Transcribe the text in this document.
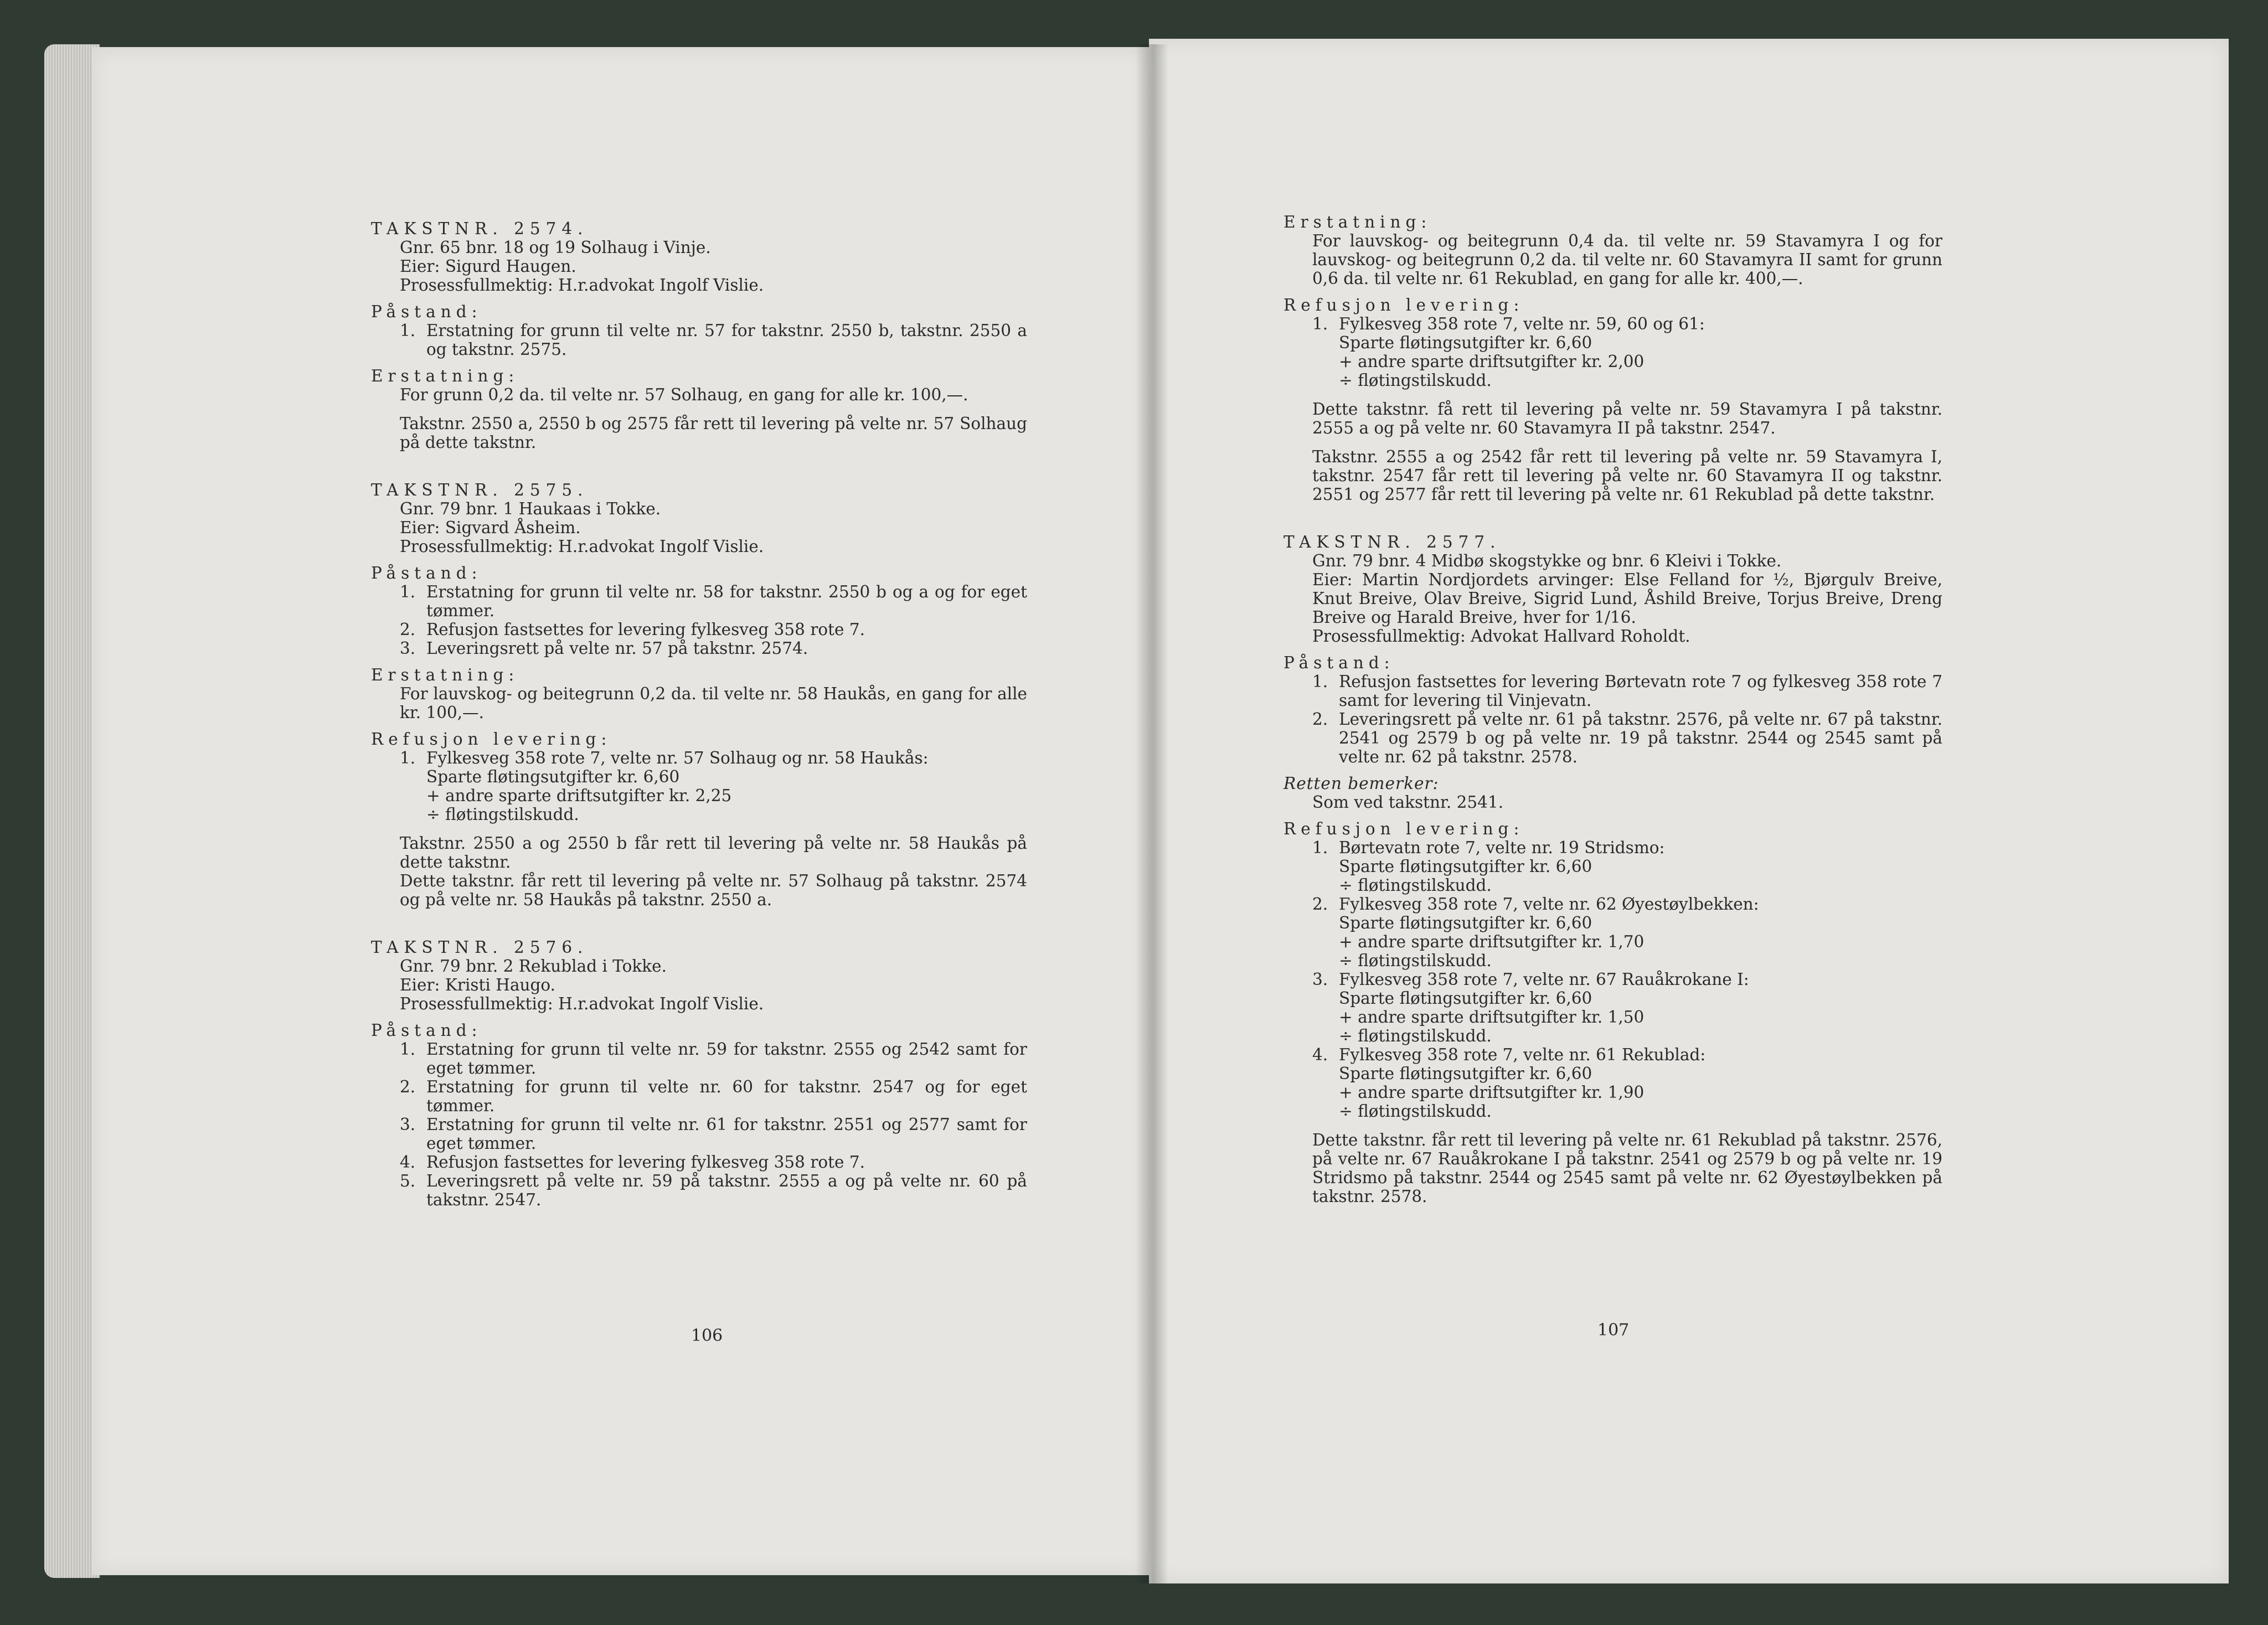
TAKSTNR. 2574.
Gnr. 65 bnr. 18 og 19 Solhaug i Vinje.
Eier: Sigurd Haugen.
Prosessfullmektig: H.r.advokat Ingolf Vislie.
Påstand:
1. Erstatning for grunn til velte nr. 57 for takstnr. 2550 b, takstnr. 2550 a og takstnr. 2575.
Erstatning:
For grunn 0,2 da. til velte nr. 57 Solhaug, en gang for alle kr. 100,—.
Takstnr. 2550 a, 2550 b og 2575 får rett til levering på velte nr. 57 Solhaug på dette takstnr.
TAKSTNR. 2575.
Gnr. 79 bnr. 1 Haukaas i Tokke.
Eier: Sigvard Åsheim.
Prosessfullmektig: H.r.advokat Ingolf Vislie.
Påstand:
1. Erstatning for grunn til velte nr. 58 for takstnr. 2550 b og a og for eget tømmer.
2. Refusjon fastsettes for levering fylkesveg 358 rote 7.
3. Leveringsrett på velte nr. 57 på takstnr. 2574.
Erstatning:
For lauvskog- og beitegrunn 0,2 da. til velte nr. 58 Haukås, en gang for alle kr. 100,—.
Refusjon levering:
1. Fylkesveg 358 rote 7, velte nr. 57 Solhaug og nr. 58 Haukås:
Sparte fløtingsutgifter kr. 6,60
+ andre sparte driftsutgifter kr. 2,25
÷ fløtingstilskudd.
Takstnr. 2550 a og 2550 b får rett til levering på velte nr. 58 Haukås på dette takstnr.
Dette takstnr. får rett til levering på velte nr. 57 Solhaug på takstnr. 2574 og på velte nr. 58 Haukås på takstnr. 2550 a.
TAKSTNR. 2576.
Gnr. 79 bnr. 2 Rekublad i Tokke.
Eier: Kristi Haugo.
Prosessfullmektig: H.r.advokat Ingolf Vislie.
Påstand:
1. Erstatning for grunn til velte nr. 59 for takstnr. 2555 og 2542 samt for eget tømmer.
2. Erstatning for grunn til velte nr. 60 for takstnr. 2547 og for eget tømmer.
3. Erstatning for grunn til velte nr. 61 for takstnr. 2551 og 2577 samt for eget tømmer.
4. Refusjon fastsettes for levering fylkesveg 358 rote 7.
5. Leveringsrett på velte nr. 59 på takstnr. 2555 a og på velte nr. 60 på takstnr. 2547.
106
Erstatning:
For lauvskog- og beitegrunn 0,4 da. til velte nr. 59 Stavamyra I og for lauvskog- og beitegrunn 0,2 da. til velte nr. 60 Stavamyra II samt for grunn 0,6 da. til velte nr. 61 Rekublad, en gang for alle kr. 400,—.
Refusjon levering:
1. Fylkesveg 358 rote 7, velte nr. 59, 60 og 61:
Sparte fløtingsutgifter kr. 6,60
+ andre sparte driftsutgifter kr. 2,00
÷ fløtingstilskudd.
Dette takstnr. få rett til levering på velte nr. 59 Stavamyra I på takstnr. 2555 a og på velte nr. 60 Stavamyra II på takstnr. 2547.
Takstnr. 2555 a og 2542 får rett til levering på velte nr. 59 Stavamyra I, takstnr. 2547 får rett til levering på velte nr. 60 Stavamyra II og takstnr. 2551 og 2577 får rett til levering på velte nr. 61 Rekublad på dette takstnr.
TAKSTNR. 2577.
Gnr. 79 bnr. 4 Midbø skogstykke og bnr. 6 Kleivi i Tokke.
Eier: Martin Nordjordets arvinger: Else Felland for ½, Bjørgulv Breive, Knut Breive, Olav Breive, Sigrid Lund, Åshild Breive, Torjus Breive, Dreng Breive og Harald Breive, hver for 1/16.
Prosessfullmektig: Advokat Hallvard Roholdt.
Påstand:
1. Refusjon fastsettes for levering Børtevatn rote 7 og fylkesveg 358 rote 7 samt for levering til Vinjevatn.
2. Leveringsrett på velte nr. 61 på takstnr. 2576, på velte nr. 67 på takstnr. 2541 og 2579 b og på velte nr. 19 på takstnr. 2544 og 2545 samt på velte nr. 62 på takstnr. 2578.
Retten bemerker:
Som ved takstnr. 2541.
Refusjon levering:
1. Børtevatn rote 7, velte nr. 19 Stridsmo:
Sparte fløtingsutgifter kr. 6,60
÷ fløtingstilskudd.
2. Fylkesveg 358 rote 7, velte nr. 62 Øyestøylbekken:
Sparte fløtingsutgifter kr. 6,60
+ andre sparte driftsutgifter kr. 1,70
÷ fløtingstilskudd.
3. Fylkesveg 358 rote 7, velte nr. 67 Rauåkrokane I:
Sparte fløtingsutgifter kr. 6,60
+ andre sparte driftsutgifter kr. 1,50
÷ fløtingstilskudd.
4. Fylkesveg 358 rote 7, velte nr. 61 Rekublad:
Sparte fløtingsutgifter kr. 6,60
+ andre sparte driftsutgifter kr. 1,90
÷ fløtingstilskudd.
Dette takstnr. får rett til levering på velte nr. 61 Rekublad på takstnr. 2576, på velte nr. 67 Rauåkrokane I på takstnr. 2541 og 2579 b og på velte nr. 19 Stridsmo på takstnr. 2544 og 2545 samt på velte nr. 62 Øyestøylbekken på takstnr. 2578.
107
